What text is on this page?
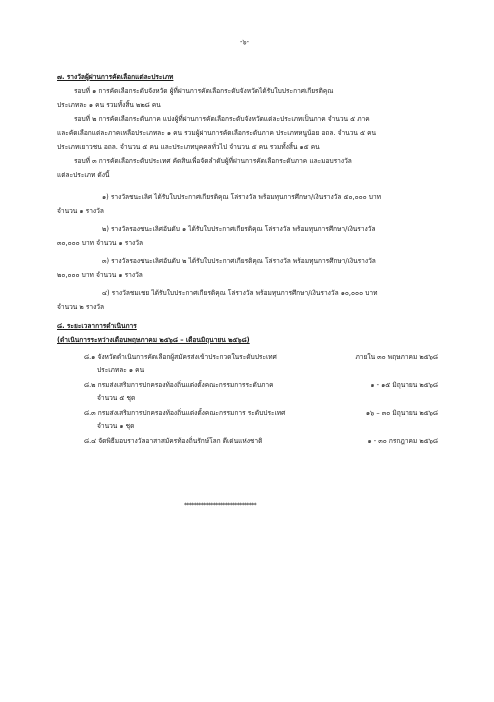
-๖-
๗. รางวัลผู้ผ่านการคัดเลือกแต่ละประเภท
รอบที่ ๑ การคัดเลือกระดับจังหวัด ผู้ที่ผ่านการคัดเลือกระดับจังหวัดได้รับใบประกาศเกียรติคุณ
ประเภทละ ๑ คน รวมทั้งสิ้น ๒๒๘ คน
รอบที่ ๒ การคัดเลือกระดับภาค แบ่งผู้ที่ผ่านการคัดเลือกระดับจังหวัดแต่ละประเภทเป็นภาค จำนวน ๕ ภาค
และคัดเลือกแต่ละภาคเหลือประเภทละ ๑ คน รวมผู้ผ่านการคัดเลือกระดับภาค ประเภทหนูน้อย อถล. จำนวน ๕ คน
ประเภทเยาวชน อถล. จำนวน ๕ คน และประเภทบุคคลทั่วไป จำนวน ๕ คน รวมทั้งสิ้น ๑๕ คน
รอบที่ ๓ การคัดเลือกระดับประเทศ คัดสินเพื่อจัดลำดับผู้ที่ผ่านการคัดเลือกระดับภาค และมอบรางวัล
แต่ละประเภท ดังนี้
๑) รางวัลชนะเลิศ ได้รับใบประกาศเกียรติคุณ โล่รางวัล พร้อมทุนการศึกษา/เงินรางวัล ๕๐,๐๐๐ บาท
จำนวน ๑ รางวัล
๒) รางวัลรองชนะเลิศอันดับ ๑ ได้รับใบประกาศเกียรติคุณ โล่รางวัล พร้อมทุนการศึกษา/เงินรางวัล
๓๐,๐๐๐ บาท จำนวน ๑ รางวัล
๓) รางวัลรองชนะเลิศอันดับ ๒ ได้รับใบประกาศเกียรติคุณ โล่รางวัล พร้อมทุนการศึกษา/เงินรางวัล
๒๐,๐๐๐ บาท จำนวน ๑ รางวัล
๔) รางวัลชมเชย ได้รับใบประกาศเกียรติคุณ โล่รางวัล พร้อมทุนการศึกษา/เงินรางวัล ๑๐,๐๐๐ บาท
จำนวน ๒ รางวัล
๘. ระยะเวลาการดำเนินการ
(ดำเนินการระหว่างเดือนพฤษภาคม ๒๕๖๘ – เดือนมิถุนายน ๒๕๖๘)
๘.๑ จังหวัดดำเนินการคัดเลือกผู้สมัครส่งเข้าประกวดในระดับประเทศ
ประเภทละ ๑ คน
ภายใน ๓๐ พฤษภาคม ๒๕๖๘
๘.๒ กรมส่งเสริมการปกครองท้องถิ่นแต่งตั้งคณะกรรมการระดับภาค
จำนวน ๕ ชุด
๑ - ๑๕ มิถุนายน ๒๕๖๘
๘.๓ กรมส่งเสริมการปกครองท้องถิ่นแต่งตั้งคณะกรรมการ ระดับประเทศ
จำนวน ๑ ชุด
๑๖ – ๓๐ มิถุนายน ๒๕๖๘
๘.๔ จัดพิธีมอบรางวัลอาสาสมัครท้องถิ่นรักษ์โลก ดีเด่นแห่งชาติ	๑ - ๓๐ กรกฎาคม ๒๕๖๘
******************************
